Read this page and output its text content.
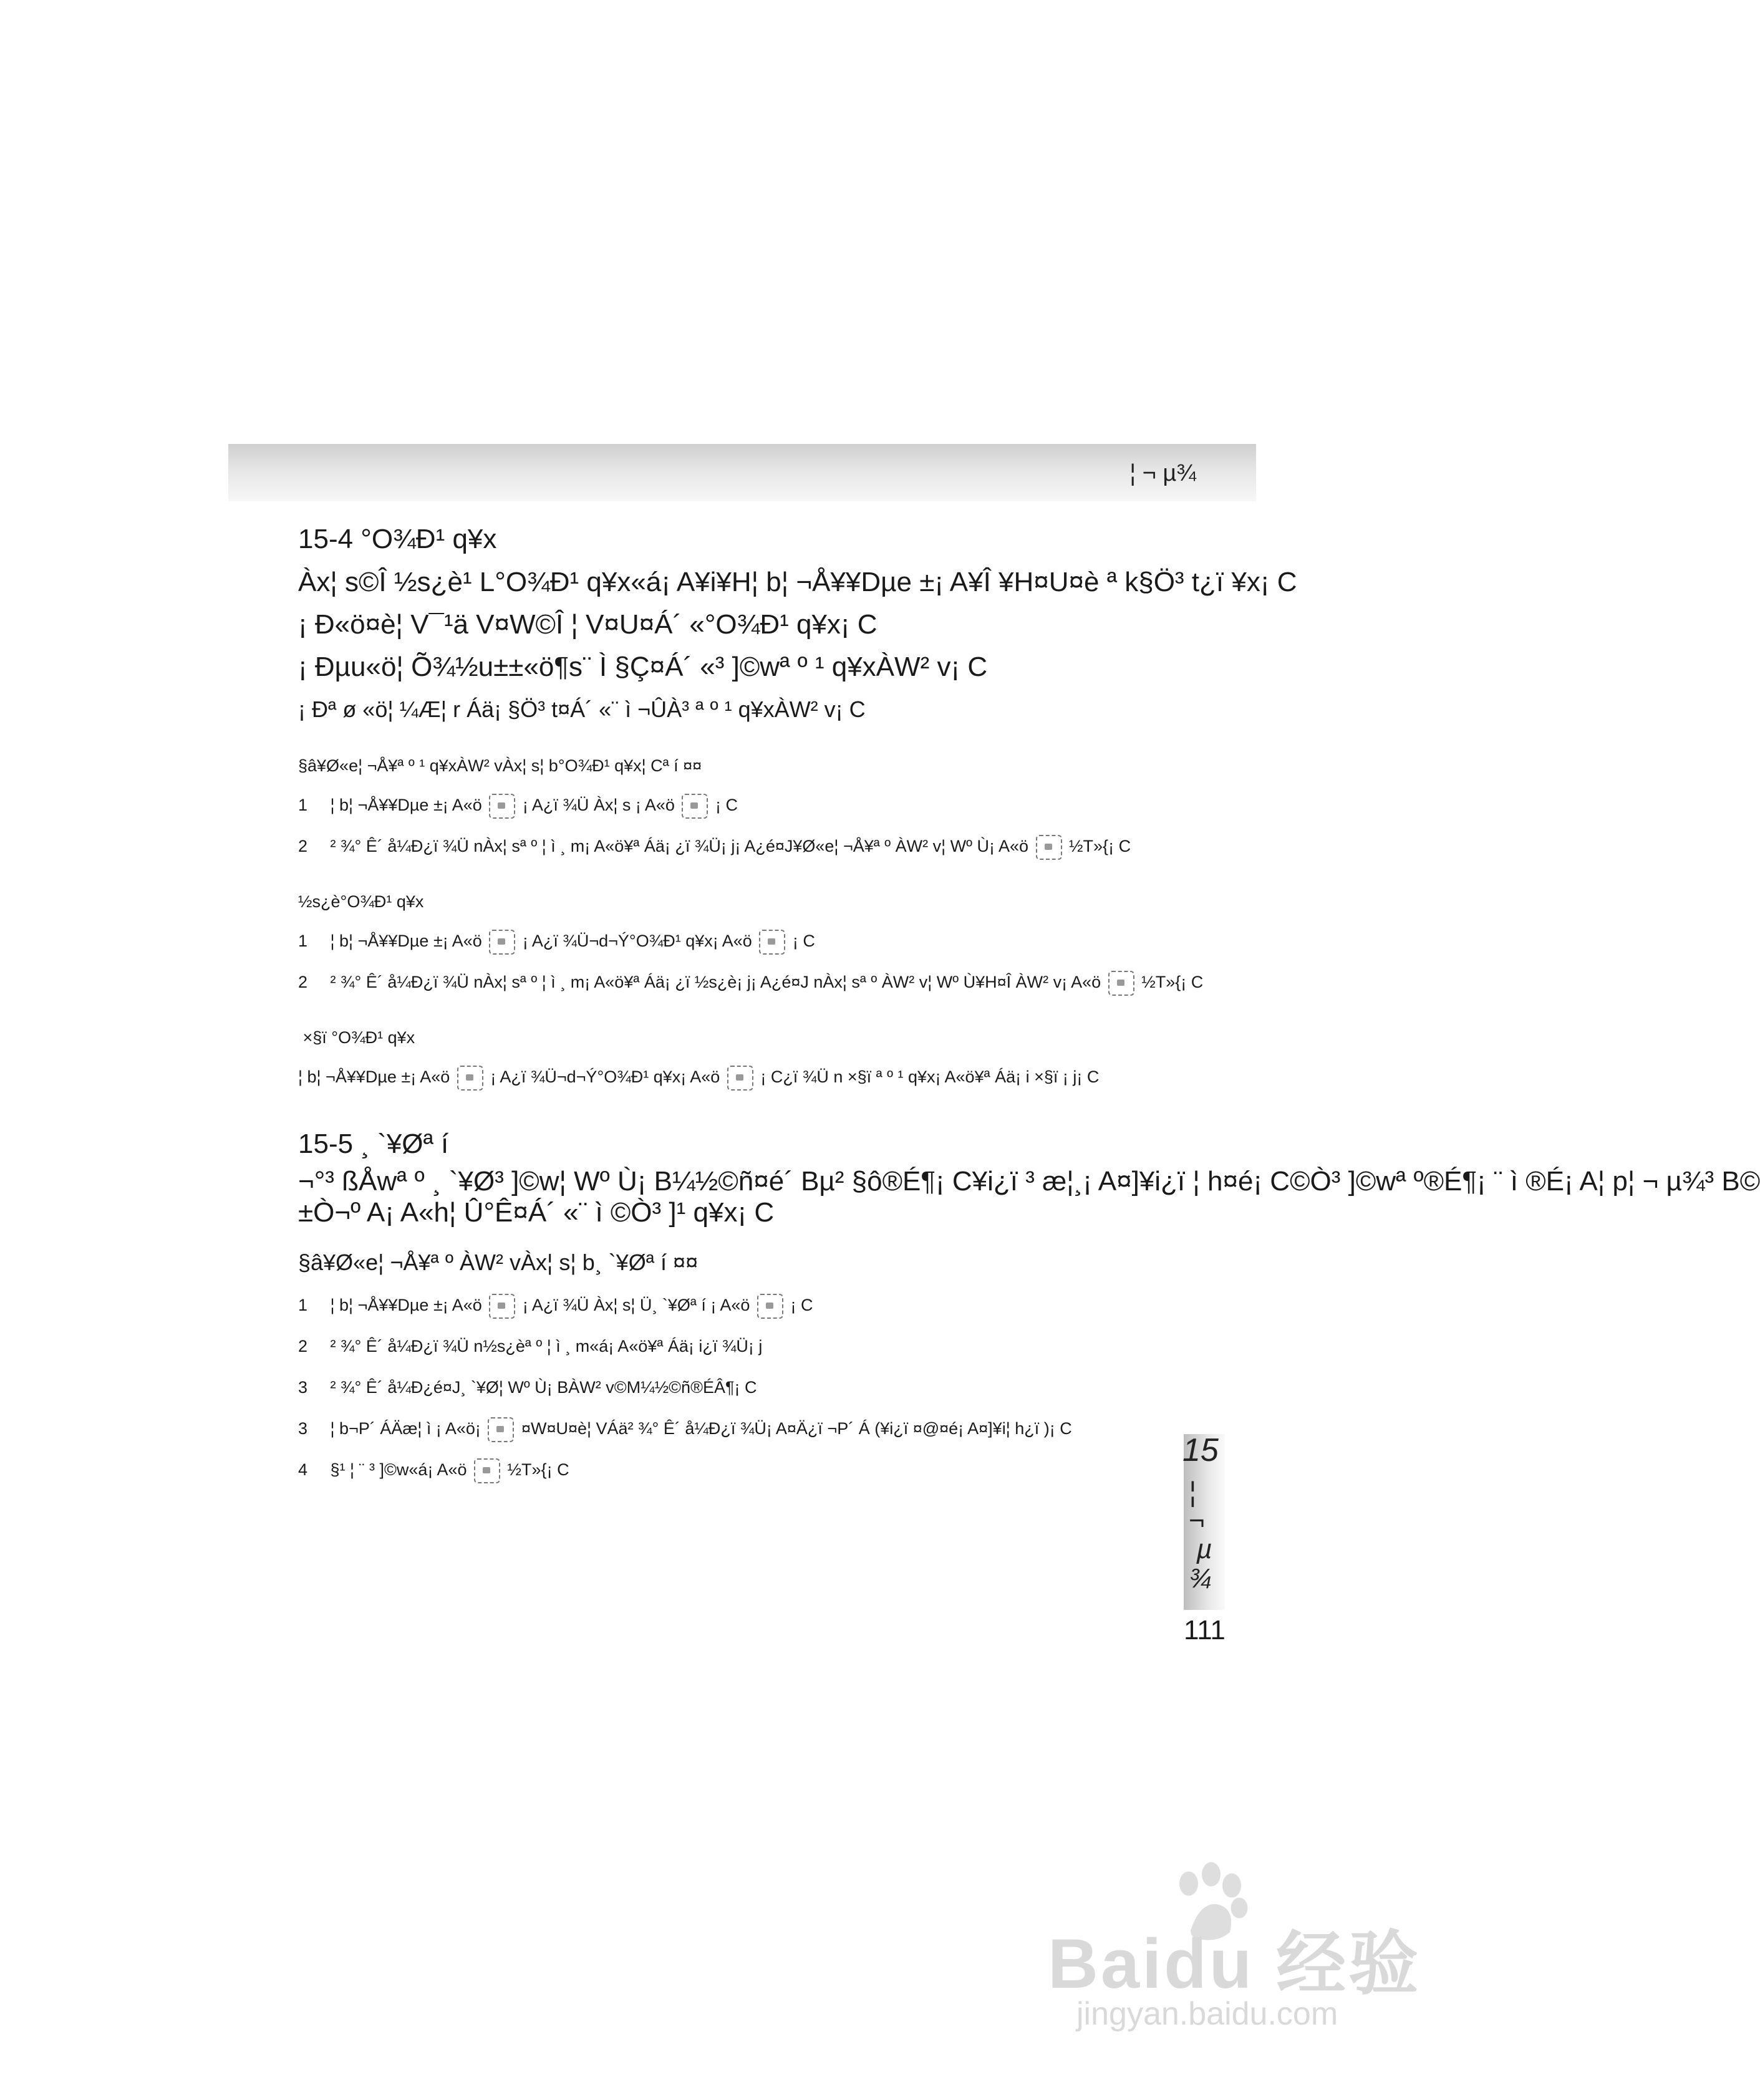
¦ ¬ µ¾
15-4 °O¾Ð¹ q¥x
Àx¦ s©Î ½s¿è¹ L°O¾Ð¹ q¥x«á¡ A¥i¥H¦ b¦ ¬Å¥¥Dµe ±¡ A¥Î ¥H¤U¤è ª k§Ö³ t¿ï ¥x¡ C
¡ Ð«ö¤è¦ V¯¹ä V¤W©Î ¦ V¤U¤Á´ «°O¾Ð¹ q¥x¡ C
¡ Ðµu«ö¦ Õ¾½u±±«ö¶s¨ Ì §Ç¤Á´ «³ ]©wª º ¹ q¥xÀW² v¡ C
¡ Ðª ø «ö¦ ¼Æ¦ r Áä¡ §Ö³ t¤Á´ «¨ ì ¬ÛÀ³ ª º ¹ q¥xÀW² v¡ C
§â¥Ø«e¦ ¬Å¥ª º ¹ q¥xÀW² vÀx¦ s¦ b°O¾Ð¹ q¥x¦ Cª í ¤¤
1 ¦ b¦ ¬Å¥¥Dµe ±¡ A«ö ¡ A¿ï ¾Ü Àx¦ s ¡ A«ö ¡ C
2 ² ¾° Ê´ å¼Ð¿ï ¾Ü nÀx¦ sª º ¦ ì ¸ m¡ A«ö¥ª Áä¡ ¿ï ¾Ü¡ j¡ A¿é¤J¥Ø«e¦ ¬Å¥ª º ÀW² v¦ Wº Ù¡ A«ö ½T»{¡ C
½s¿è°O¾Ð¹ q¥x
1 ¦ b¦ ¬Å¥¥Dµe ±¡ A«ö ¡ A¿ï ¾Ü¬d¬Ý°O¾Ð¹ q¥x¡ A«ö ¡ C
2 ² ¾° Ê´ å¼Ð¿ï ¾Ü nÀx¦ sª º ¦ ì ¸ m¡ A«ö¥ª Áä¡ ¿ï ½s¿è¡ j¡ A¿é¤J nÀx¦ sª º ÀW² v¦ Wº Ù¥H¤Î ÀW² v¡ A«ö ½T»{¡ C
×§ï °O¾Ð¹ q¥x
¦ b¦ ¬Å¥¥Dµe ±¡ A«ö ¡ A¿ï ¾Ü¬d¬Ý°O¾Ð¹ q¥x¡ A«ö ¡ C¿ï ¾Ü n ×§ï ª º ¹ q¥x¡ A«ö¥ª Áä¡ i ×§ï ¡ j¡ C
15-5 ¸ `¥Øª í
¬°³ ßÅwª º ¸ `¥Ø³ ]©w¦ Wº Ù¡ B¼½©ñ¤é´ Bµ² §ô®É¶¡ C¥i¿ï ³ æ¦¸¡ A¤]¥i¿ï ¦ h¤é¡ C©Ò³ ]©wª º®É¶¡ ¨ ì ®É¡ A¦ p¦ ¬ µ¾³ B©
±Ò¬º A¡ A«h¦ Û°Ê¤Á´ «¨ ì ©Ò³ ]¹ q¥x¡ C
§â¥Ø«e¦ ¬Å¥ª º ÀW² vÀx¦ s¦ b¸ `¥Øª í ¤¤
1 ¦ b¦ ¬Å¥¥Dµe ±¡ A«ö ¡ A¿ï ¾Ü Àx¦ s¦ Ü¸ `¥Øª í ¡ A«ö ¡ C
2 ² ¾° Ê´ å¼Ð¿ï ¾Ü n½s¿èª º ¦ ì ¸ m«á¡ A«ö¥ª Áä¡ i¿ï ¾Ü¡ j
3 ² ¾° Ê´ å¼Ð¿é¤J¸ `¥Ø¦ Wº Ù¡ BÀW² v©M¼½©ñ®ÉÂ¶¡ C
3 ¦ b¬P´ ÁÄæ¦ ì ¡ A«ö¡ ¤W¤U¤è¦ VÁä² ¾° Ê´ å¼Ð¿ï ¾Ü¡ A¤Ä¿ï ¬P´ Á (¥i¿ï ¤@¤é¡ A¤]¥i¦ h¿ï )¡ C
4 §¹ ¦ ¨ ³ ]©w«á¡ A«ö ½T»{¡ C
15
¦ ¬ µ¾
111
Baidu 经验
jingyan.baidu.com
